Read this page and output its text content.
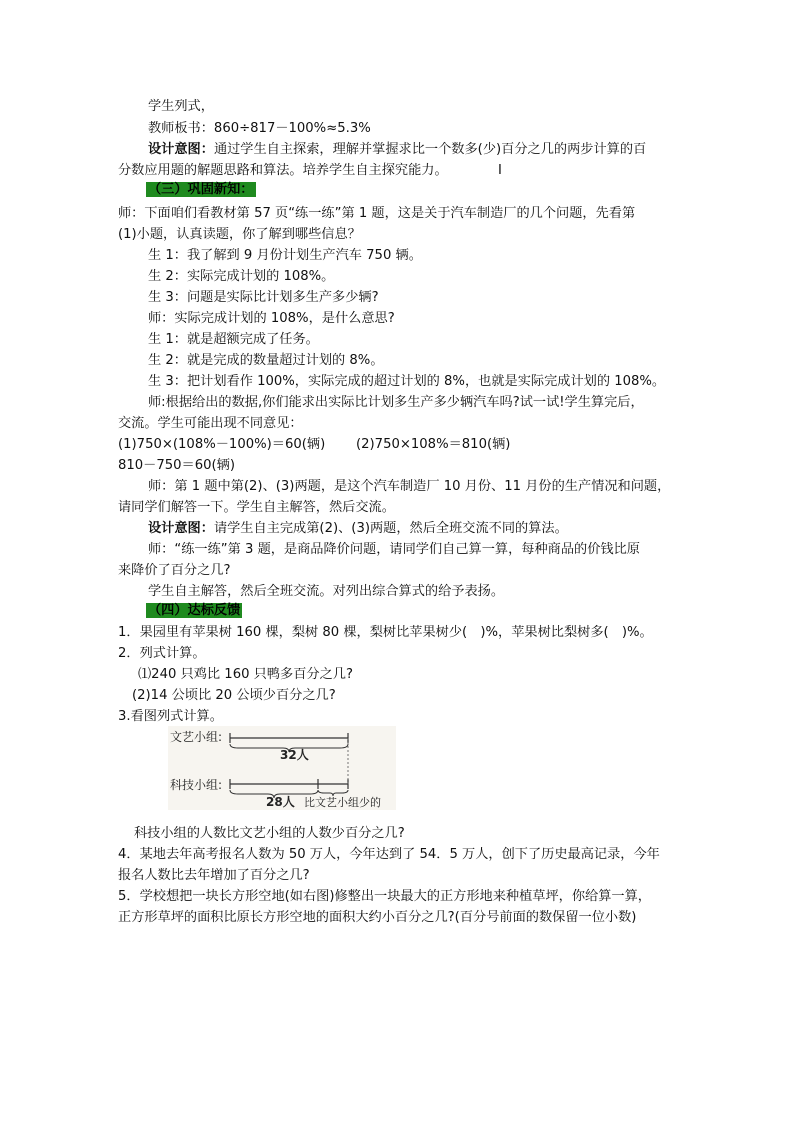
学生列式，
教师板书：860÷817－100%≈5.3%
设计意图：通过学生自主探索，理解并掌握求比一个数多(少)百分之几的两步计算的百
分数应用题的解题思路和算法。培养学生自主探究能力。	I
（三）巩固新知：
师：下面咱们看教材第 57 页“练一练”第 1 题，这是关于汽车制造厂的几个问题，先看第
(1)小题，认真读题，你了解到哪些信息？
生 1：我了解到 9 月份计划生产汽车 750 辆。
生 2：实际完成计划的 108%。
生 3：问题是实际比计划多生产多少辆?
师：实际完成计划的 108%，是什么意思?
生 1：就是超额完成了任务。
生 2：就是完成的数量超过计划的 8%。
生 3：把计划看作 100%，实际完成的超过计划的 8%，也就是实际完成计划的 108%。
师:根据给出的数据,你们能求出实际比计划多生产多少辆汽车吗?试一试!学生算完后，
交流。学生可能出现不同意见：
(1)750×(108%－100%)＝60(辆) (2)750×108%＝810(辆)
810－750＝60(辆)
师：第 1 题中第(2)、(3)两题，是这个汽车制造厂 10 月份、11 月份的生产情况和问题，
请同学们解答一下。学生自主解答，然后交流。
设计意图：请学生自主完成第(2)、(3)两题，然后全班交流不同的算法。
师：“练一练”第 3 题，是商品降价问题，请同学们自己算一算，每种商品的价钱比原
来降价了百分之几?
学生自主解答，然后全班交流。对列出综合算式的给予表扬。
（四）达标反馈
1．果园里有苹果树 160 棵，梨树 80 棵，梨树比苹果树少(　)%，苹果树比梨树多(　)%。
2．列式计算。
⑴240 只鸡比 160 只鸭多百分之几?
(2)14 公顷比 20 公顷少百分之几?
3.看图列式计算。
文艺小组:
32人
科技小组:
28人 比文艺小组少的
科技小组的人数比文艺小组的人数少百分之几?
4．某地去年高考报名人数为 50 万人，今年达到了 54．5 万人，创下了历史最高记录，今年
报名人数比去年增加了百分之几?
5．学校想把一块长方形空地(如右图)修整出一块最大的正方形地来种植草坪，你给算一算，
正方形草坪的面积比原长方形空地的面积大约小百分之几?(百分号前面的数保留一位小数)
